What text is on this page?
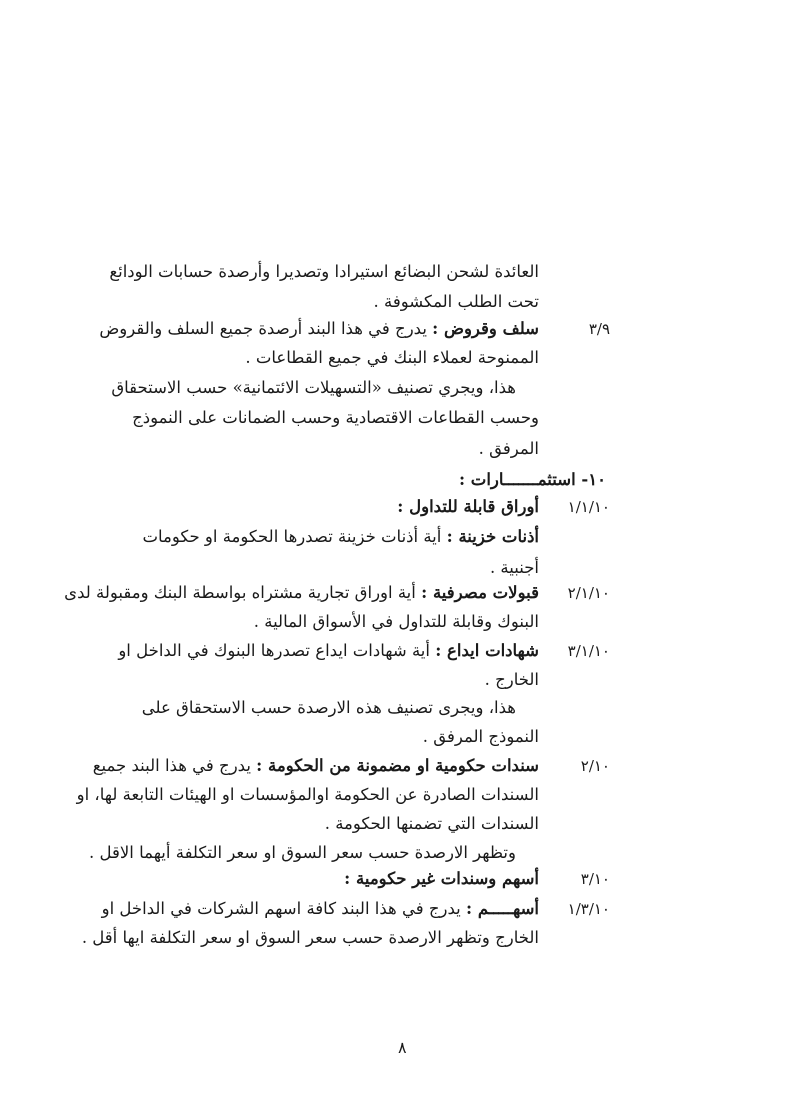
العائدة لشحن البضائع استيرادا وتصديرا وأرصدة حسابات الودائع
تحت الطلب المكشوفة .
٣/٩
سلف وقروض : يدرج في هذا البند أرصدة جميع السلف والقروض
الممنوحة لعملاء البنك في جميع القطاعات .
هذا، ويجري تصنيف «التسهيلات الائتمانية» حسب الاستحقاق
وحسب القطاعات الاقتصادية وحسب الضمانات على النموذج
المرفق .
١٠- استثمـــــــارات :
١/١/١٠
أوراق قابلة للتداول :
أذنات خزينة : أية أذنات خزينة تصدرها الحكومة او حكومات
أجنبية .
٢/١/١٠
قبولات مصرفية : أية اوراق تجارية مشتراه بواسطة البنك ومقبولة لدى
البنوك وقابلة للتداول في الأسواق المالية .
٣/١/١٠
شهادات ايداع : أية شهادات ايداع تصدرها البنوك في الداخل او
الخارج .
هذا، ويجرى تصنيف هذه الارصدة حسب الاستحقاق على
النموذج المرفق .
٢/١٠
سندات حكومية او مضمونة من الحكومة : يدرج في هذا البند جميع
السندات الصادرة عن الحكومة اوالمؤسسات او الهيئات التابعة لها، او
السندات التي تضمنها الحكومة .
وتظهر الارصدة حسب سعر السوق او سعر التكلفة أيهما الاقل .
٣/١٠
أسهم وسندات غير حكومية :
١/٣/١٠
أسهـــــم : يدرج في هذا البند كافة اسهم الشركات في الداخل او
الخارج وتظهر الارصدة حسب سعر السوق او سعر التكلفة ايها أقل .
٨
